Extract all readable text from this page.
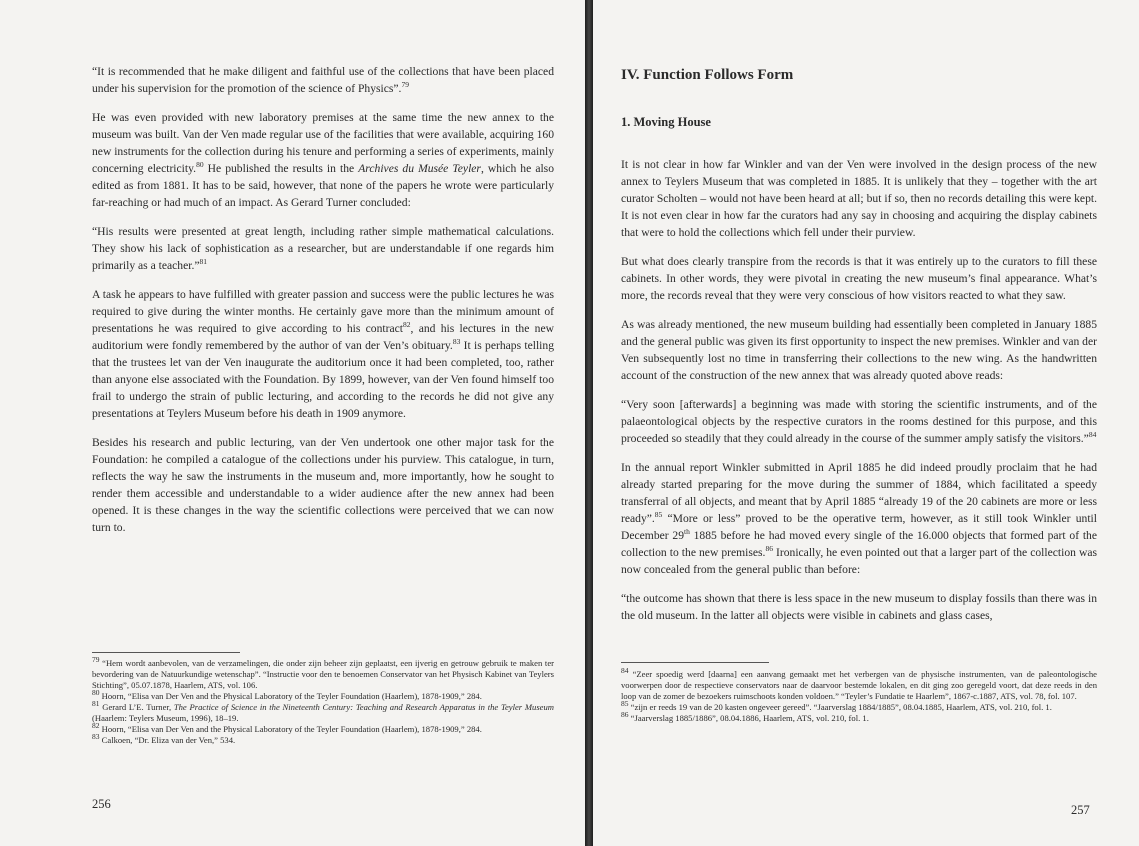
“It is recommended that he make diligent and faithful use of the collections that have been placed under his supervision for the promotion of the science of Physics”.$^{79}$

He was even provided with new laboratory premises at the same time the new annex to the museum was built. Van der Ven made regular use of the facilities that were available, acquiring 160 new instruments for the collection during his tenure and performing a series of experiments, mainly concerning electricity.$^{80}$ He published the results in the Archives du Musée Teyler, which he also edited as from 1881. It has to be said, however, that none of the papers he wrote were particularly far-reaching or had much of an impact. As Gerard Turner concluded:

“His results were presented at great length, including rather simple mathematical calculations. They show his lack of sophistication as a researcher, but are understandable if one regards him primarily as a teacher.”$^{81}$

A task he appears to have fulfilled with greater passion and success were the public lectures he was required to give during the winter months. He certainly gave more than the minimum amount of presentations he was required to give according to his contract$^{82}$, and his lectures in the new auditorium were fondly remembered by the author of van der Ven’s obituary.$^{83}$ It is perhaps telling that the trustees let van der Ven inaugurate the auditorium once it had been completed, too, rather than anyone else associated with the Foundation. By 1899, however, van der Ven found himself too frail to undergo the strain of public lecturing, and according to the records he did not give any presentations at Teylers Museum before his death in 1909 anymore.

Besides his research and public lecturing, van der Ven undertook one other major task for the Foundation: he compiled a catalogue of the collections under his purview. This catalogue, in turn, reflects the way he saw the instruments in the museum and, more importantly, how he sought to render them accessible and understandable to a wider audience after the new annex had been opened. It is these changes in the way the scientific collections were perceived that we can now turn to.

$^{79}$ “Hem wordt aanbevolen, van de verzamelingen, die onder zijn beheer zijn geplaatst, een ijverig en getrouw gebruik te maken ter bevordering van de Natuurkundige wetenschap”. “Instructie voor den te benoemen Conservator van het Physisch Kabinet van Teylers Stichting”, 05.07.1878, Haarlem, ATS, vol. 106.
$^{80}$ Hoorn, “Elisa van Der Ven and the Physical Laboratory of the Teyler Foundation (Haarlem), 1878-1909,” 284.
$^{81}$ Gerard L’E. Turner, The Practice of Science in the Nineteenth Century: Teaching and Research Apparatus in the Teyler Museum (Haarlem: Teylers Museum, 1996), 18–19.
$^{82}$ Hoorn, “Elisa van Der Ven and the Physical Laboratory of the Teyler Foundation (Haarlem), 1878-1909,” 284.
$^{83}$ Calkoen, “Dr. Eliza van der Ven,” 534.
256
IV. Function Follows Form
1. Moving House

It is not clear in how far Winkler and van der Ven were involved in the design process of the new annex to Teylers Museum that was completed in 1885. It is unlikely that they – together with the art curator Scholten – would not have been heard at all; but if so, then no records detailing this were kept. It is not even clear in how far the curators had any say in choosing and acquiring the display cabinets that were to hold the collections which fell under their purview.

But what does clearly transpire from the records is that it was entirely up to the curators to fill these cabinets. In other words, they were pivotal in creating the new museum’s final appearance. What’s more, the records reveal that they were very conscious of how visitors reacted to what they saw.

As was already mentioned, the new museum building had essentially been completed in January 1885 and the general public was given its first opportunity to inspect the new premises. Winkler and van der Ven subsequently lost no time in transferring their collections to the new wing. As the handwritten account of the construction of the new annex that was already quoted above reads:

“Very soon [afterwards] a beginning was made with storing the scientific instruments, and of the palaeontological objects by the respective curators in the rooms destined for this purpose, and this proceeded so steadily that they could already in the course of the summer amply satisfy the visitors.”$^{84}$

In the annual report Winkler submitted in April 1885 he did indeed proudly proclaim that he had already started preparing for the move during the summer of 1884, which facilitated a speedy transferral of all objects, and meant that by April 1885 “already 19 of the 20 cabinets are more or less ready”.$^{85}$ “More or less” proved to be the operative term, however, as it still took Winkler until December 29th 1885 before he had moved every single of the 16.000 objects that formed part of the collection to the new premises.$^{86}$ Ironically, he even pointed out that a larger part of the collection was now concealed from the general public than before:

“the outcome has shown that there is less space in the new museum to display fossils than there was in the old museum. In the latter all objects were visible in cabinets and glass cases,

$^{84}$ “Zeer spoedig werd [daarna] een aanvang gemaakt met het verbergen van de physische instrumenten, van de paleontologische voorwerpen door de respectieve conservators naar de daarvoor bestemde lokalen, en dit ging zoo geregeld voort, dat deze reeds in den loop van de zomer de bezoekers ruimschoots konden voldoen.” “Teyler’s Fundatie te Haarlem”, 1867-c.1887, ATS, vol. 78, fol. 107.
$^{85}$ “zijn er reeds 19 van de 20 kasten ongeveer gereed”. “Jaarverslag 1884/1885”, 08.04.1885, Haarlem, ATS, vol. 210, fol. 1.
$^{86}$ “Jaarverslag 1885/1886”, 08.04.1886, Haarlem, ATS, vol. 210, fol. 1.
257
